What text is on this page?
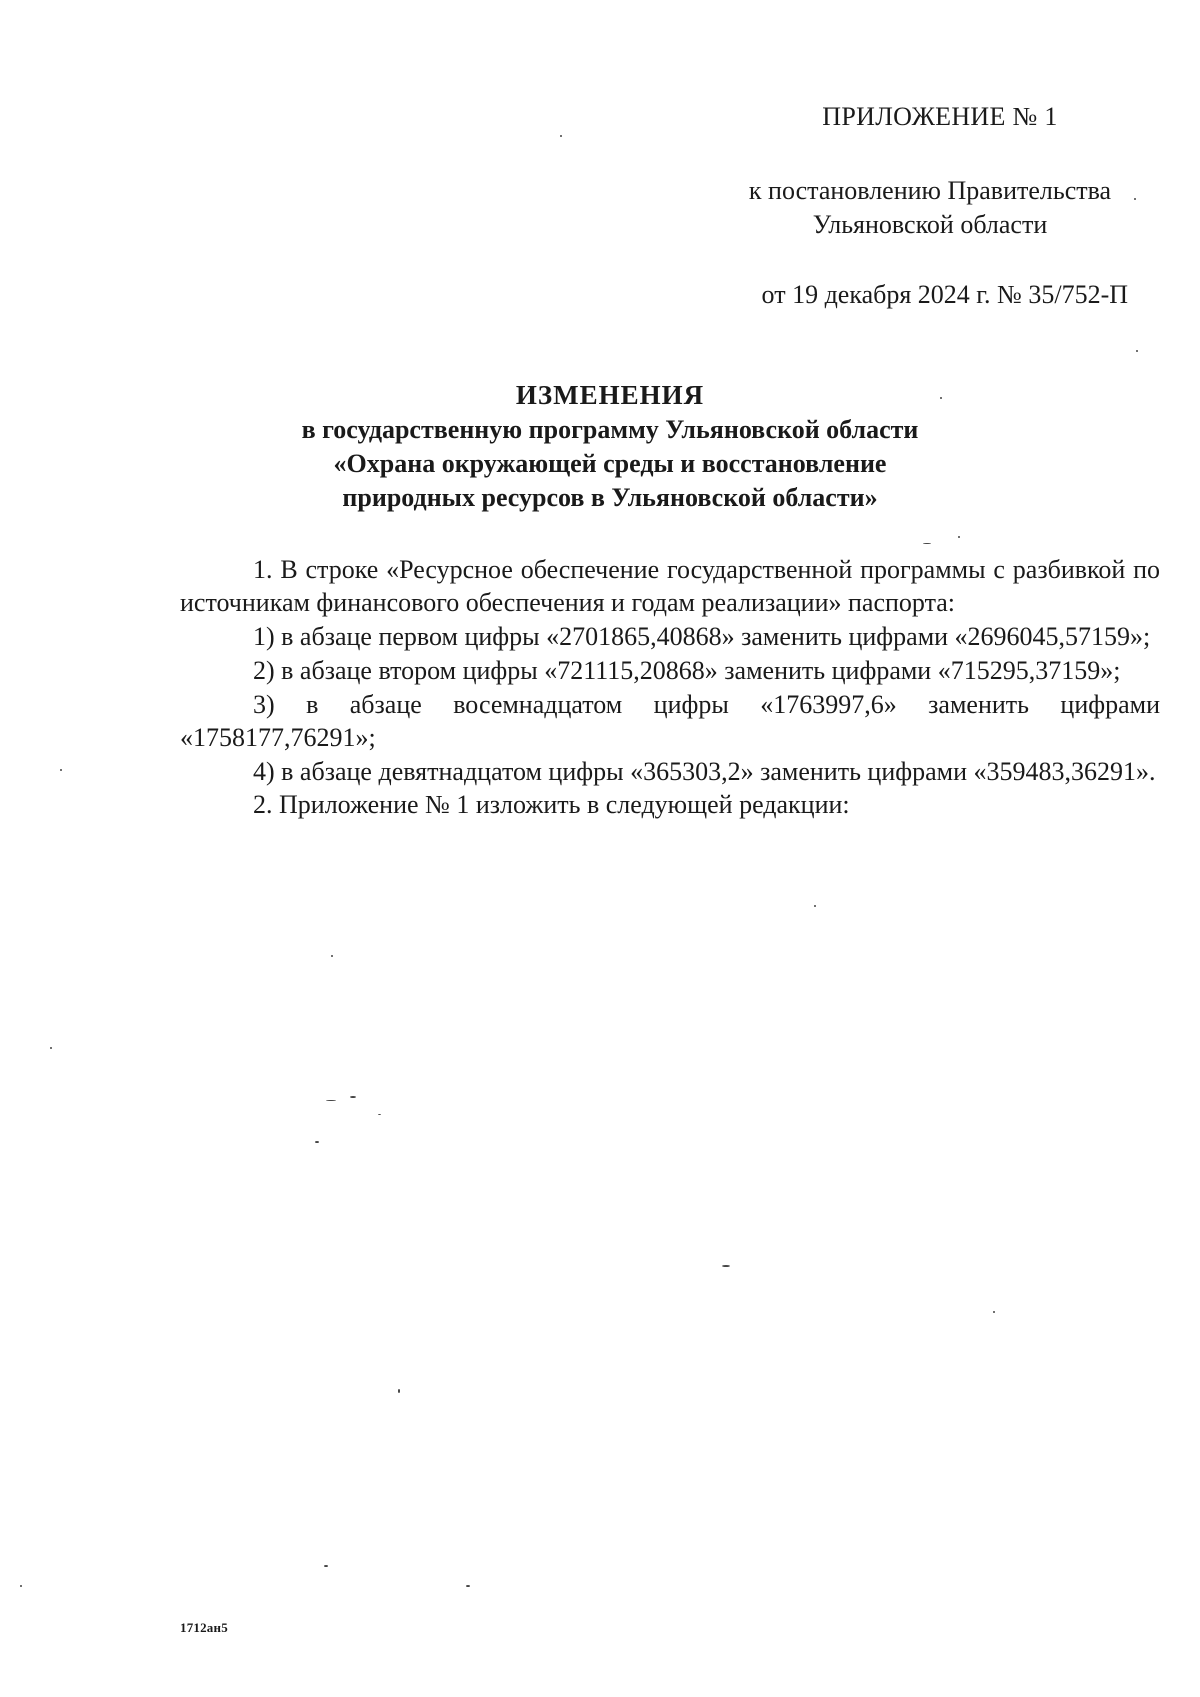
ПРИЛОЖЕНИЕ № 1
к постановлению Правительства
Ульяновской области
от 19 декабря 2024 г. № 35/752-П
ИЗМЕНЕНИЯ
в государственную программу Ульяновской области
«Охрана окружающей среды и восстановление
природных ресурсов в Ульяновской области»

1. В строке «Ресурсное обеспечение государственной программы с разбивкой по источникам финансового обеспечения и годам реализации» паспорта:

1) в абзаце первом цифры «2701865,40868» заменить цифрами «2696045,57159»;

2) в абзаце втором цифры «721115,20868» заменить цифрами «715295,37159»;

3) в абзаце восемнадцатом цифры «1763997,6» заменить цифрами «1758177,76291»;

4) в абзаце девятнадцатом цифры «365303,2» заменить цифрами «359483,36291».

2. Приложение № 1 изложить в следующей редакции:

1712ан5
